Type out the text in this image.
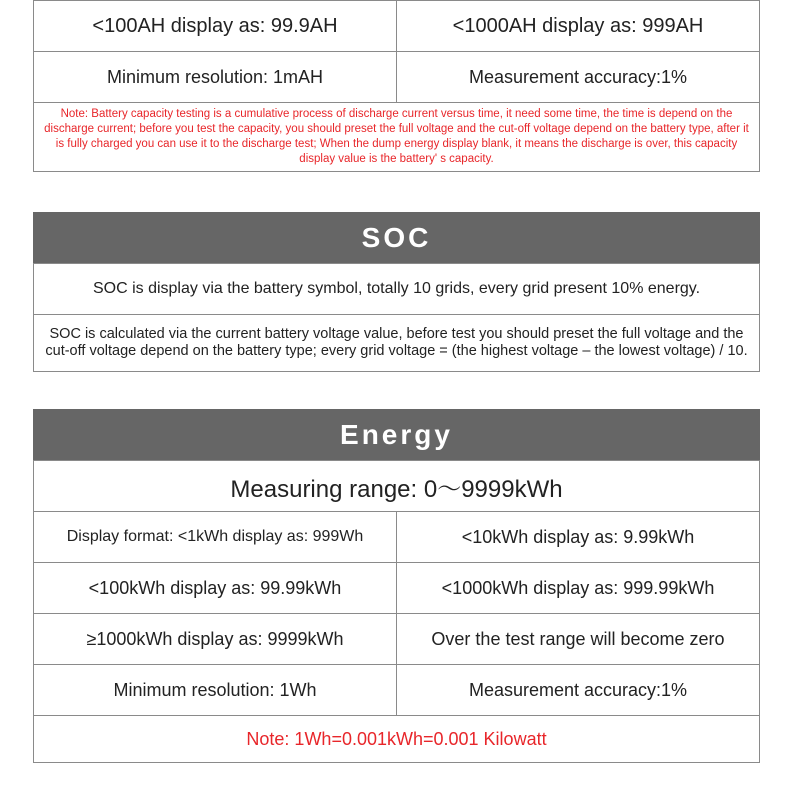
<100AH display as: 99.9AH	<1000AH display as: 999AH
Minimum resolution: 1mAH	Measurement accuracy:1%
Note: Battery capacity testing is a cumulative process of discharge current versus time, it need some time, the time is depend on the discharge current; before you test the capacity, you should preset the full voltage and the cut-off voltage depend on the battery type, after it is fully charged you can use it to the discharge test; When the dump energy display blank, it means the discharge is over, this capacity display value is the battery' s capacity.
SOC
SOC is display via the battery symbol, totally 10 grids, every grid present 10% energy.
SOC is calculated via the current battery voltage value, before test you should preset the full voltage and the cut-off voltage depend on the battery type; every grid voltage = (the highest voltage – the lowest voltage) / 10.
Energy
Measuring range: 0～9999kWh
Display format: <1kWh display as: 999Wh	<10kWh display as: 9.99kWh
<100kWh display as: 99.99kWh	<1000kWh display as: 999.99kWh
≥1000kWh display as: 9999kWh	Over the test range will become zero
Minimum resolution: 1Wh	Measurement accuracy:1%
Note: 1Wh=0.001kWh=0.001 Kilowatt
